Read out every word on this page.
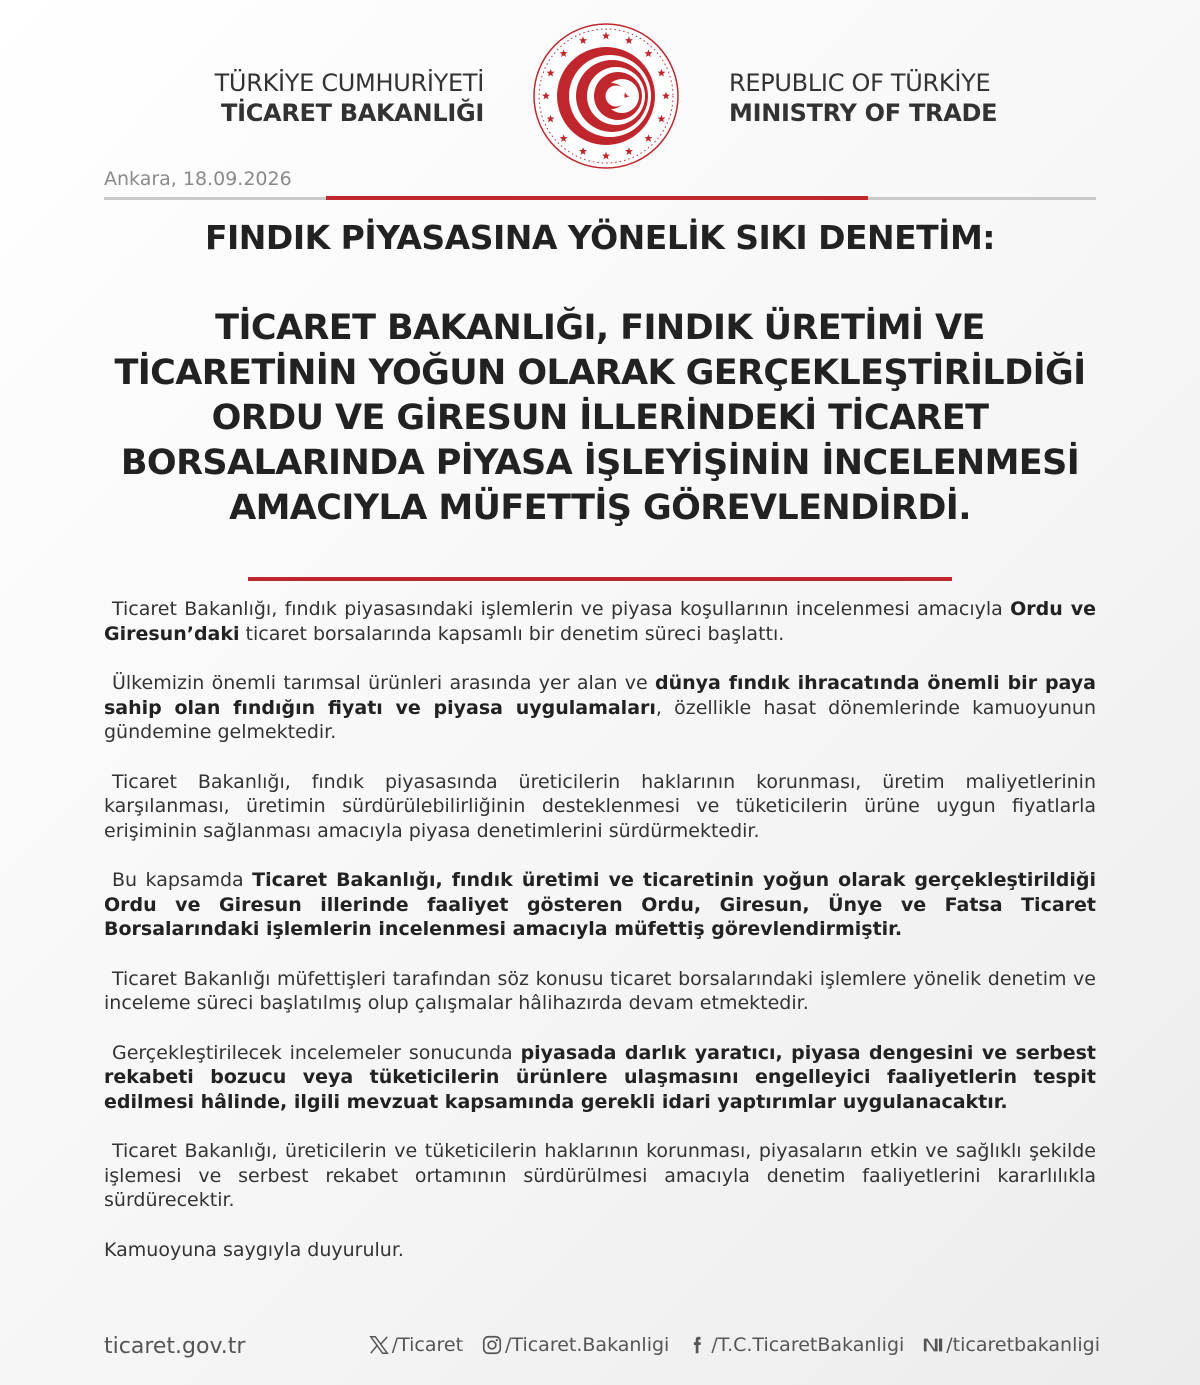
TÜRKİYE CUMHURİYETİ
TİCARET BAKANLIĞI
REPUBLIC OF TÜRKİYE
MINISTRY OF TRADE
Ankara, 18.09.2026
FINDIK PİYASASINA YÖNELİK SIKI DENETİM:
TİCARET BAKANLIĞI, FINDIK ÜRETİMİ VE TİCARETİNİN YOĞUN OLARAK GERÇEKLEŞTİRİLDİĞİ ORDU VE GİRESUN İLLERİNDEKİ TİCARET BORSALARINDA PİYASA İŞLEYİŞİNİN İNCELENMESİ AMACIYLA MÜFETTİŞ GÖREVLENDİRDİ.

Ticaret Bakanlığı, fındık piyasasındaki işlemlerin ve piyasa koşullarının incelenmesi amacıyla Ordu ve Giresun’daki ticaret borsalarında kapsamlı bir denetim süreci başlattı.

Ülkemizin önemli tarımsal ürünleri arasında yer alan ve dünya fındık ihracatında önemli bir paya sahip olan fındığın fiyatı ve piyasa uygulamaları, özellikle hasat dönemlerinde kamuoyunun gündemine gelmektedir.

Ticaret Bakanlığı, fındık piyasasında üreticilerin haklarının korunması, üretim maliyetlerinin karşılanması, üretimin sürdürülebilirliğinin desteklenmesi ve tüketicilerin ürüne uygun fiyatlarla erişiminin sağlanması amacıyla piyasa denetimlerini sürdürmektedir.

Bu kapsamda Ticaret Bakanlığı, fındık üretimi ve ticaretinin yoğun olarak gerçekleştirildiği Ordu ve Giresun illerinde faaliyet gösteren Ordu, Giresun, Ünye ve Fatsa Ticaret Borsalarındaki işlemlerin incelenmesi amacıyla müfettiş görevlendirmiştir.

Ticaret Bakanlığı müfettişleri tarafından söz konusu ticaret borsalarındaki işlemlere yönelik denetim ve inceleme süreci başlatılmış olup çalışmalar hâlihazırda devam etmektedir.

Gerçekleştirilecek incelemeler sonucunda piyasada darlık yaratıcı, piyasa dengesini ve serbest rekabeti bozucu veya tüketicilerin ürünlere ulaşmasını engelleyici faaliyetlerin tespit edilmesi hâlinde, ilgili mevzuat kapsamında gerekli idari yaptırımlar uygulanacaktır.

Ticaret Bakanlığı, üreticilerin ve tüketicilerin haklarının korunması, piyasaların etkin ve sağlıklı şekilde işlemesi ve serbest rekabet ortamının sürdürülmesi amacıyla denetim faaliyetlerini kararlılıkla sürdürecektir.

Kamuoyuna saygıyla duyurulur.

ticaret.gov.tr	/Ticaret /Ticaret.Bakanligi /T.C.TicaretBakanligi /ticaretbakanligi
